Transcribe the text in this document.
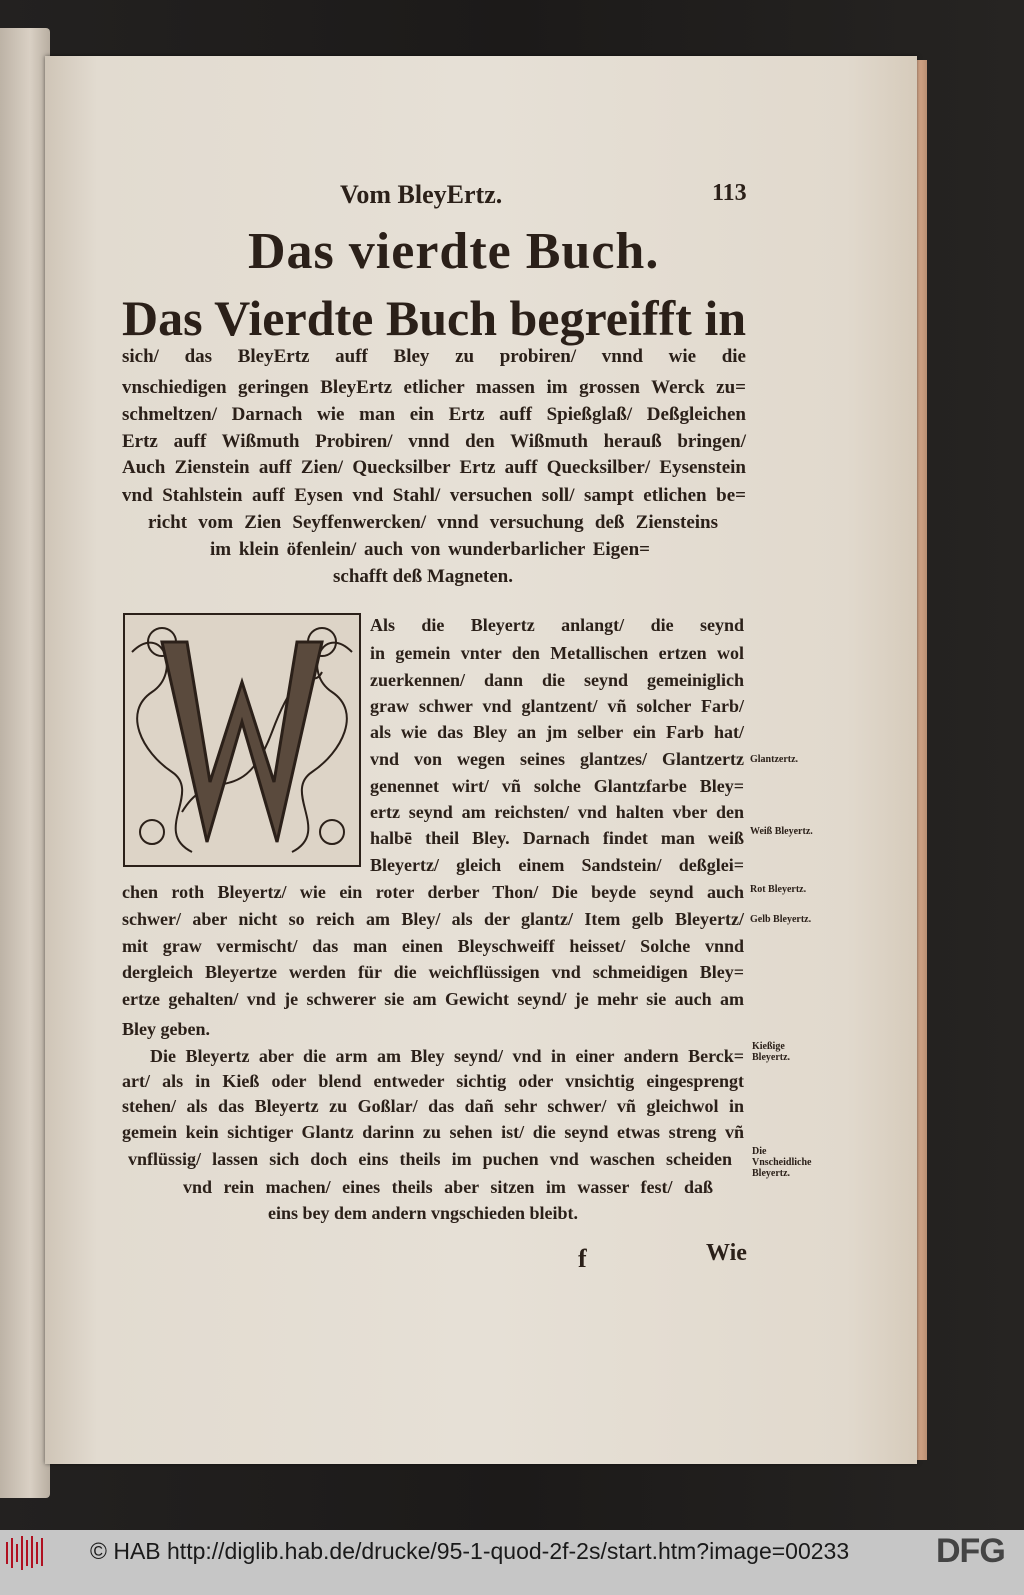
Vom BleyErtz.	113
Das vierdte Buch.
Das Vierdte Buch begreifft in
sich/ das BleyErtz auff Bley zu probiren/ vnnd wie die
vnschiedigen geringen BleyErtz etlicher massen im grossen Werck zu=
schmeltzen/ Darnach wie man ein Ertz auff Spießglaß/ Deßgleichen
Ertz auff Wißmuth Probiren/ vnnd den Wißmuth herauß bringen/
Auch Zienstein auff Zien/ Quecksilber Ertz auff Quecksilber/ Eysenstein
vnd Stahlstein auff Eysen vnd Stahl/ versuchen soll/ sampt etlichen be=
richt vom Zien Seyffenwercken/ vnnd versuchung deß Ziensteins
im klein öfenlein/ auch von wunderbarlicher Eigen=
schafft deß Magneten.
Als die Bleyertz anlangt/ die seynd
in gemein vnter den Metallischen ertzen wol
zuerkennen/ dann die seynd gemeiniglich
graw schwer vnd glantzent/ vñ solcher Farb/
als wie das Bley an jm selber ein Farb hat/
vnd von wegen seines glantzes/ Glantzertz
genennet wirt/ vñ solche Glantzfarbe Bley=
ertz seynd am reichsten/ vnd halten vber den
halbē theil Bley. Darnach findet man weiß
Bleyertz/ gleich einem Sandstein/ deßglei=
chen roth Bleyertz/ wie ein roter derber Thon/ Die beyde seynd auch
schwer/ aber nicht so reich am Bley/ als der glantz/ Item gelb Bleyertz/
mit graw vermischt/ das man einen Bleyschweiff heisset/ Solche vnnd
dergleich Bleyertze werden für die weichflüssigen vnd schmeidigen Bley=
ertze gehalten/ vnd je schwerer sie am Gewicht seynd/ je mehr sie auch am
Bley geben.
Die Bleyertz aber die arm am Bley seynd/ vnd in einer andern Berck=
art/ als in Kieß oder blend entweder sichtig oder vnsichtig eingesprengt
stehen/ als das Bleyertz zu Goßlar/ das dañ sehr schwer/ vñ gleichwol in
gemein kein sichtiger Glantz darinn zu sehen ist/ die seynd etwas streng vñ
vnflüssig/ lassen sich doch eins theils im puchen vnd waschen scheiden
vnd rein machen/ eines theils aber sitzen im wasser fest/ daß
eins bey dem andern vngschieden bleibt.
Glantzertz.
Weiß Bleyertz.
Rot Bleyertz.
Gelb Bleyertz.
Kießige Bleyertz.
Die Vnscheidliche Bleyertz.
f	Wie
© HAB http://diglib.hab.de/drucke/95-1-quod-2f-2s/start.htm?image=00233	DFG
